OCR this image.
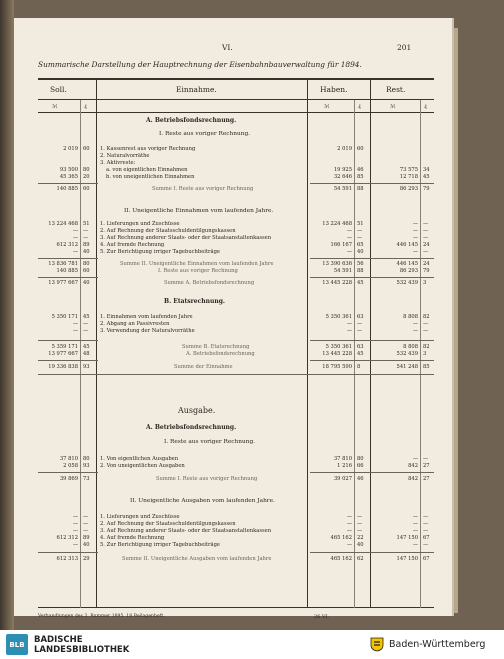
VI.	201
Summarische Darstellung der Hauptrechnung der Eisenbahnbauverwaltung für 1894.
Soll.	Einnahme.	Haben.	Rest.
ℳ	₰	ℳ	₰	ℳ	₰
A. Betriebsfondsrechnung.
I. Reste aus voriger Rechnung.
2 019 60 1. Kassenrest aus voriger Rechnung	2 019 60
2. Naturalvorräthe
3. Aktivreste:
93 500 80	a. von eigentlichen Einnahmen	19 925 46	73 575 34
45 365 20	b. von uneigentlichen Einnahmen	32 646 85	12 718 45
140 885 60	Summe I. Reste aus voriger Rechnung	54 591 88	86 293 79
II. Uneigentliche Einnahmen vom laufenden Jahre.
13 224 468 51 1. Lieferungen und Zuschüsse	13 224 468 51	— —
— — 2. Auf Rechnung der Staatsschuldentilgungskassen	— —	— —
— — 3. Auf Rechnung anderer Staats- oder der Staatsanstaltenkassen	— —	— —
612 312 89 4. Auf fremde Rechnung	166 167 65	446 145 24
— 40 5. Zur Berichtigung irriger Tagebuchbeiträge	— 40	— —
13 836 781 80	Summe II. Uneigentliche Einnahmen vom laufenden Jahre	13 390 636 56	446 145 24
140 885 60	I. Reste aus voriger Rechnung	54 591 88	86 293 79
13 977 667 40	Summe A. Betriebsfondsrechnung	13 445 228 45	532 439 3
B. Etatsrechnung.
5 350 171 45 1. Einnahmen vom laufenden Jahre	5 350 361 63	8 808 82
— — 2. Abgang an Passivresten	— —	— —
— — 3. Verwendung der Naturalvorräthe	— —	— —
5 359 171 45	Summe B. Etatsrechnung	5 350 361 63	8 808 82
13 977 667 48	A. Betriebsfondsrechnung	13 445 228 45	532 439 3
19 336 838 93	Summe der Einnahme	18 795 590 8	541 248 85
Ausgabe.
A. Betriebsfondsrechnung.
I. Reste aus voriger Rechnung.
37 810 80 1. Von eigentlichen Ausgaben	37 810 80	— —
2 058 93 2. Von uneigentlichen Ausgaben	1 216 66	842 27
39 869 73	Summe I. Reste aus voriger Rechnung	39 027 46	842 27
II. Uneigentliche Ausgaben vom laufenden Jahre.
— — 1. Lieferungen und Zuschüsse	— —	— —
— — 2. Auf Rechnung der Staatsschuldentilgungskassen	— —	— —
— — 3. Auf Rechnung anderer Staats- oder der Staatsanstaltenkassen	— —	— —
612 312 89 4. Auf fremde Rechnung	465 162 22	147 150 67
— 40 5. Zur Berichtigung irriger Tagebuchbeiträge	— 40	— —
612 313 29	Summe II. Uneigentliche Ausgaben vom laufenden Jahre	465 162 62	147 150 67
Verhandlungen des 3. Rummer 1895. 18 Beilagenheft.	26 VI.
BLB	BADISCHE
LANDESBIBLIOTHEK	Baden-Württemberg
